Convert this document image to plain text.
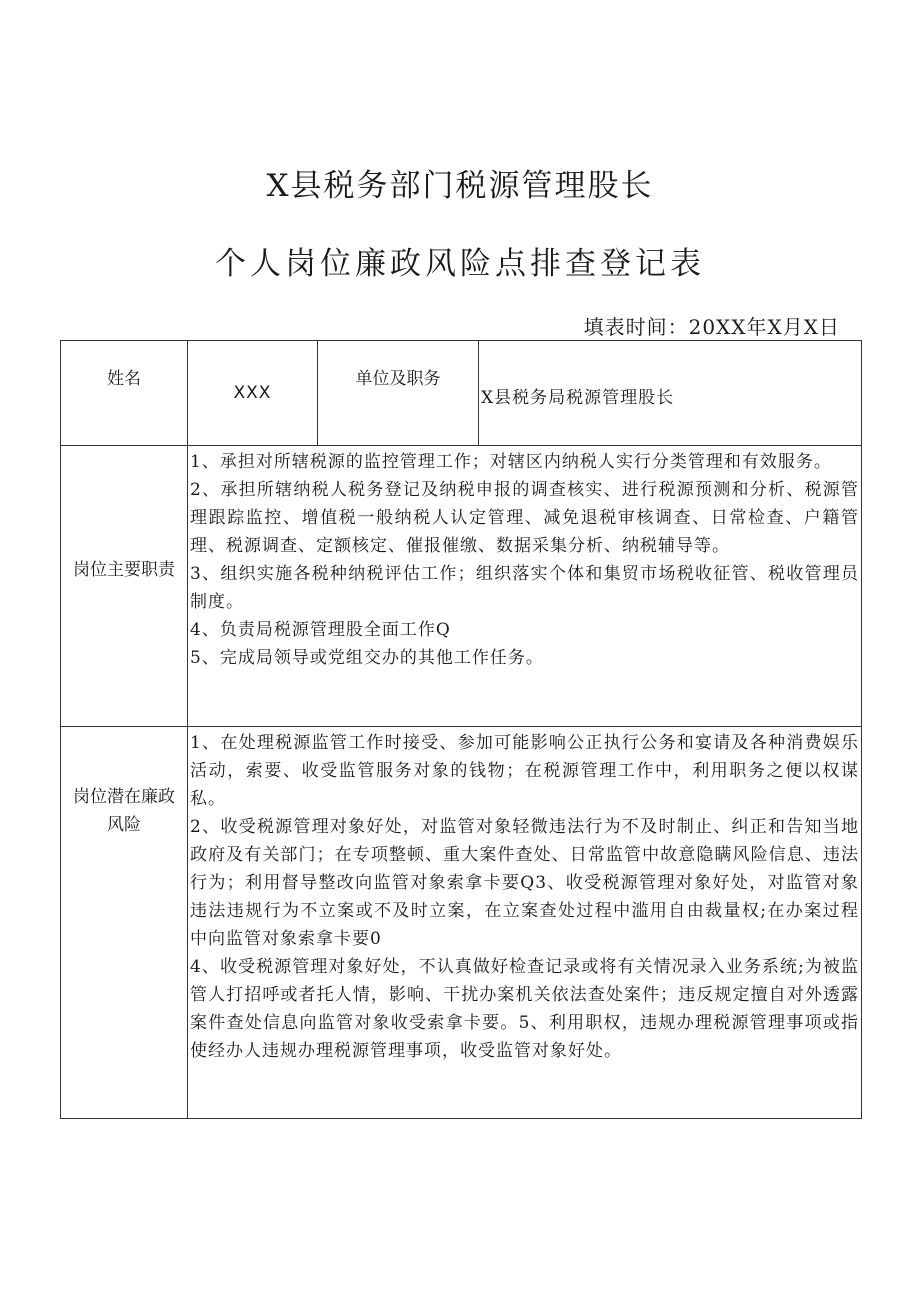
X县税务部门税源管理股长
个人岗位廉政风险点排查登记表
填表时间：20XX年X月X日
姓名	XXX	单位及职务	X县税务局税源管理股长
岗位主要职责	1、承担对所辖税源的监控管理工作；对辖区内纳税人实行分类管理和有效服务。

2、承担所辖纳税人税务登记及纳税申报的调查核实、进行税源预测和分析、税源管理跟踪监控、增值税一般纳税人认定管理、减免退税审核调查、日常检查、户籍管理、税源调查、定额核定、催报催缴、数据采集分析、纳税辅导等。

3、组织实施各税种纳税评估工作；组织落实个体和集贸市场税收征管、税收管理员制度。

4、负责局税源管理股全面工作Q

5、完成局领导或党组交办的其他工作任务。		

岗位潜在廉政风险	1、在处理税源监管工作时接受、参加可能影响公正执行公务和宴请及各种消费娱乐活动，索要、收受监管服务对象的钱物；在税源管理工作中，利用职务之便以权谋私。

2、收受税源管理对象好处，对监管对象轻微违法行为不及时制止、纠正和告知当地政府及有关部门；在专项整顿、重大案件查处、日常监管中故意隐瞒风险信息、违法行为；利用督导整改向监管对象索拿卡要Q3、收受税源管理对象好处，对监管对象违法违规行为不立案或不及时立案，在立案查处过程中滥用自由裁量权;在办案过程中向监管对象索拿卡要0

4、收受税源管理对象好处，不认真做好检查记录或将有关情况录入业务系统;为被监管人打招呼或者托人情，影响、干扰办案机关依法查处案件；违反规定擅自对外透露案件查处信息向监管对象收受索拿卡要。5、利用职权，违规办理税源管理事项或指使经办人违规办理税源管理事项，收受监管对象好处。		
